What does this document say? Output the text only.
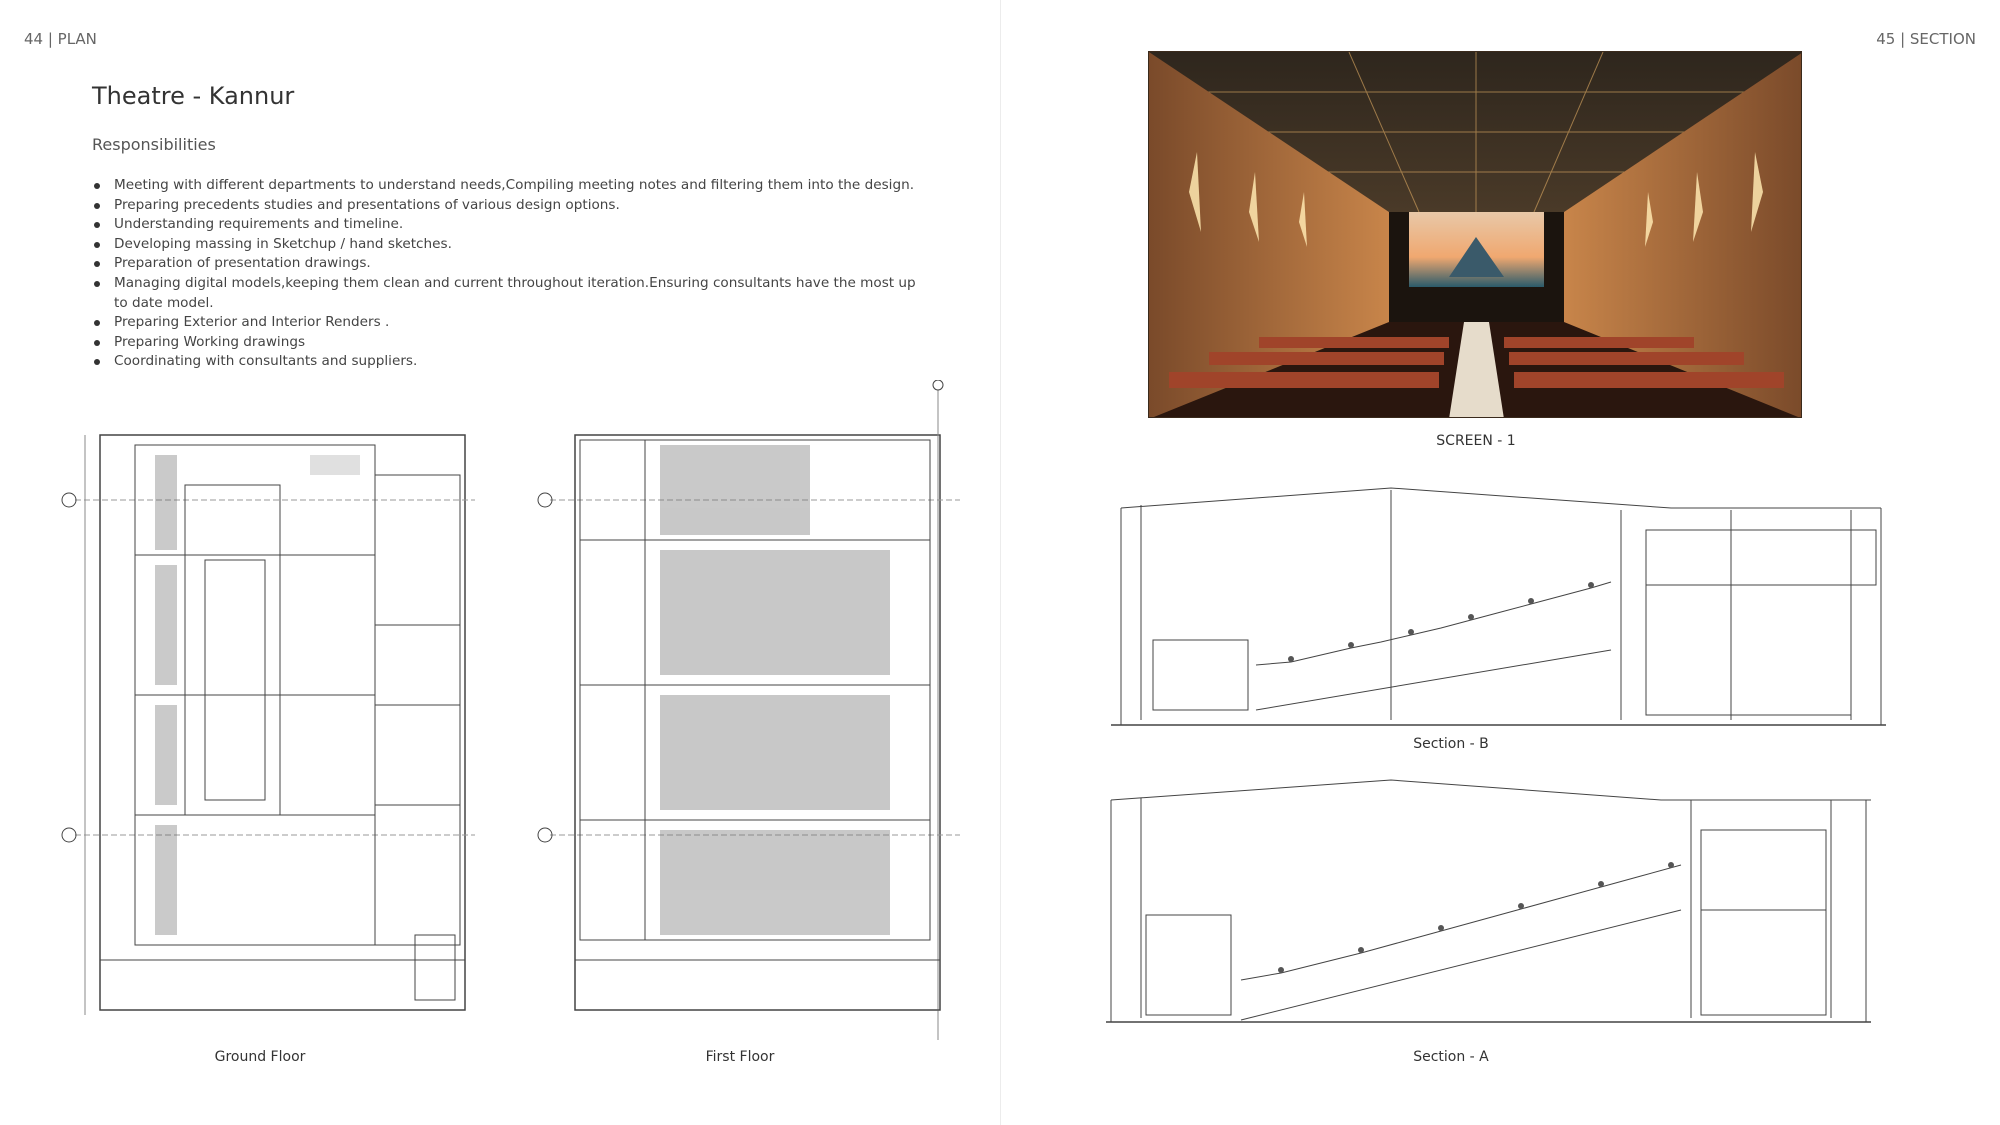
44 | PLAN
Theatre - Kannur
Responsibilities
Meeting with different departments to understand needs,Compiling meeting notes and filtering them into the design.
Preparing precedents studies and presentations of various design options.
Understanding requirements and timeline.
Developing massing in Sketchup / hand sketches.
Preparation of presentation drawings.
Managing digital models,keeping them clean and current throughout iteration.Ensuring consultants have the most up to date model.
Preparing Exterior and Interior Renders .
Preparing Working drawings
Coordinating with consultants and suppliers.
Ground Floor	First Floor
45 | SECTION
SCREEN - 1
Section - B
Section - A
